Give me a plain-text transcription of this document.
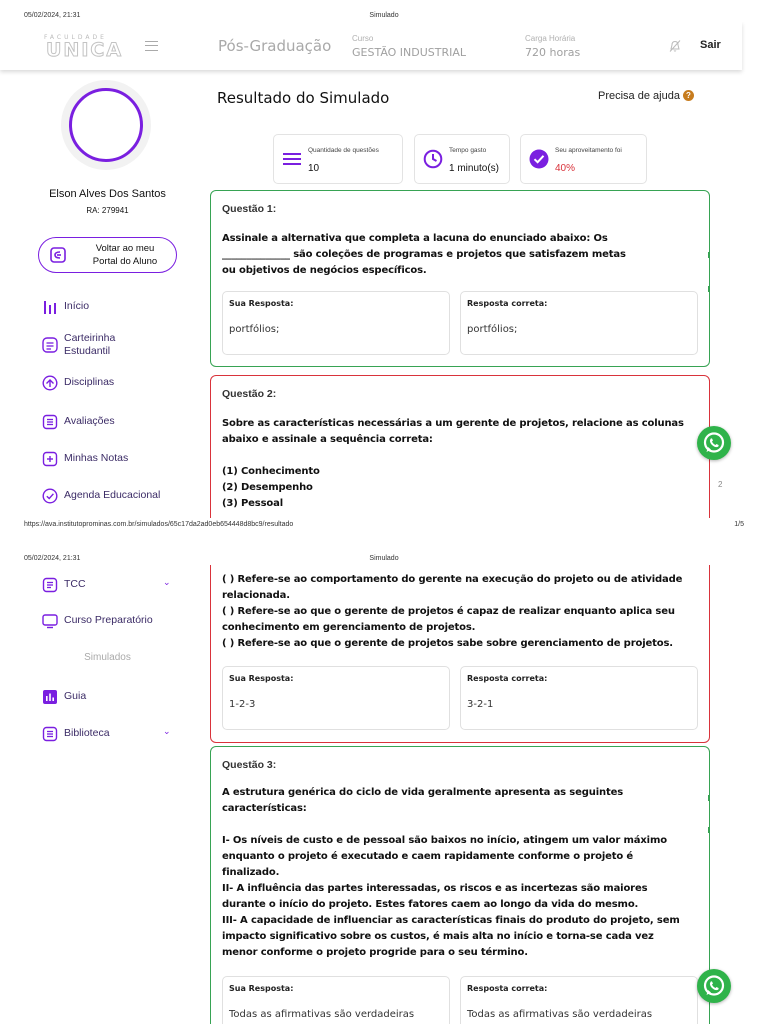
05/02/2024, 21:31	Simulado
FACULDADE
UNICA	Pós-Graduação	Curso
GESTÃO INDUSTRIAL
Carga Horária
720 horas
Sair
Elson Alves Dos Santos
RA: 279941
Voltar ao meu
Portal do Aluno
Início
Carteirinha
Estudantil
Disciplinas
Avaliações
Minhas Notas
Agenda Educacional
Resultado do Simulado	Precisa de ajuda ?
Quantidade de questões
10
Tempo gasto
1 minuto(s)
Seu aproveitamento foi
40%
Questão 1:
Assinale a alternativa que completa a lacuna do enunciado abaixo: Os
______________ são coleções de programas e projetos que satisfazem metas
ou objetivos de negócios específicos.
Sua Resposta:
portfólios;
Resposta correta:
portfólios;
Questão 2:
Sobre as características necessárias a um gerente de projetos, relacione as colunas
abaixo e assinale a sequência correta:
(1) Conhecimento
(2) Desempenho
(3) Pessoal
2
https://ava.institutoprominas.com.br/simulados/65c17da2ad0eb654448d8bc9/resultado	1/5
05/02/2024, 21:31	Simulado
TCC	⌄
Curso Preparatório
Simulados
Guia
Biblioteca	⌄
( ) Refere-se ao comportamento do gerente na execução do projeto ou de atividade
relacionada.
( ) Refere-se ao que o gerente de projetos é capaz de realizar enquanto aplica seu
conhecimento em gerenciamento de projetos.
( ) Refere-se ao que o gerente de projetos sabe sobre gerenciamento de projetos.
Sua Resposta:
1-2-3
Resposta correta:
3-2-1
Questão 3:
A estrutura genérica do ciclo de vida geralmente apresenta as seguintes
características:
I- Os níveis de custo e de pessoal são baixos no início, atingem um valor máximo
enquanto o projeto é executado e caem rapidamente conforme o projeto é
finalizado.
II- A influência das partes interessadas, os riscos e as incertezas são maiores
durante o início do projeto. Estes fatores caem ao longo da vida do mesmo.
III- A capacidade de influenciar as características finais do produto do projeto, sem
impacto significativo sobre os custos, é mais alta no início e torna-se cada vez
menor conforme o projeto progride para o seu término.
Sua Resposta:
Todas as afirmativas são verdadeiras
Resposta correta:
Todas as afirmativas são verdadeiras
